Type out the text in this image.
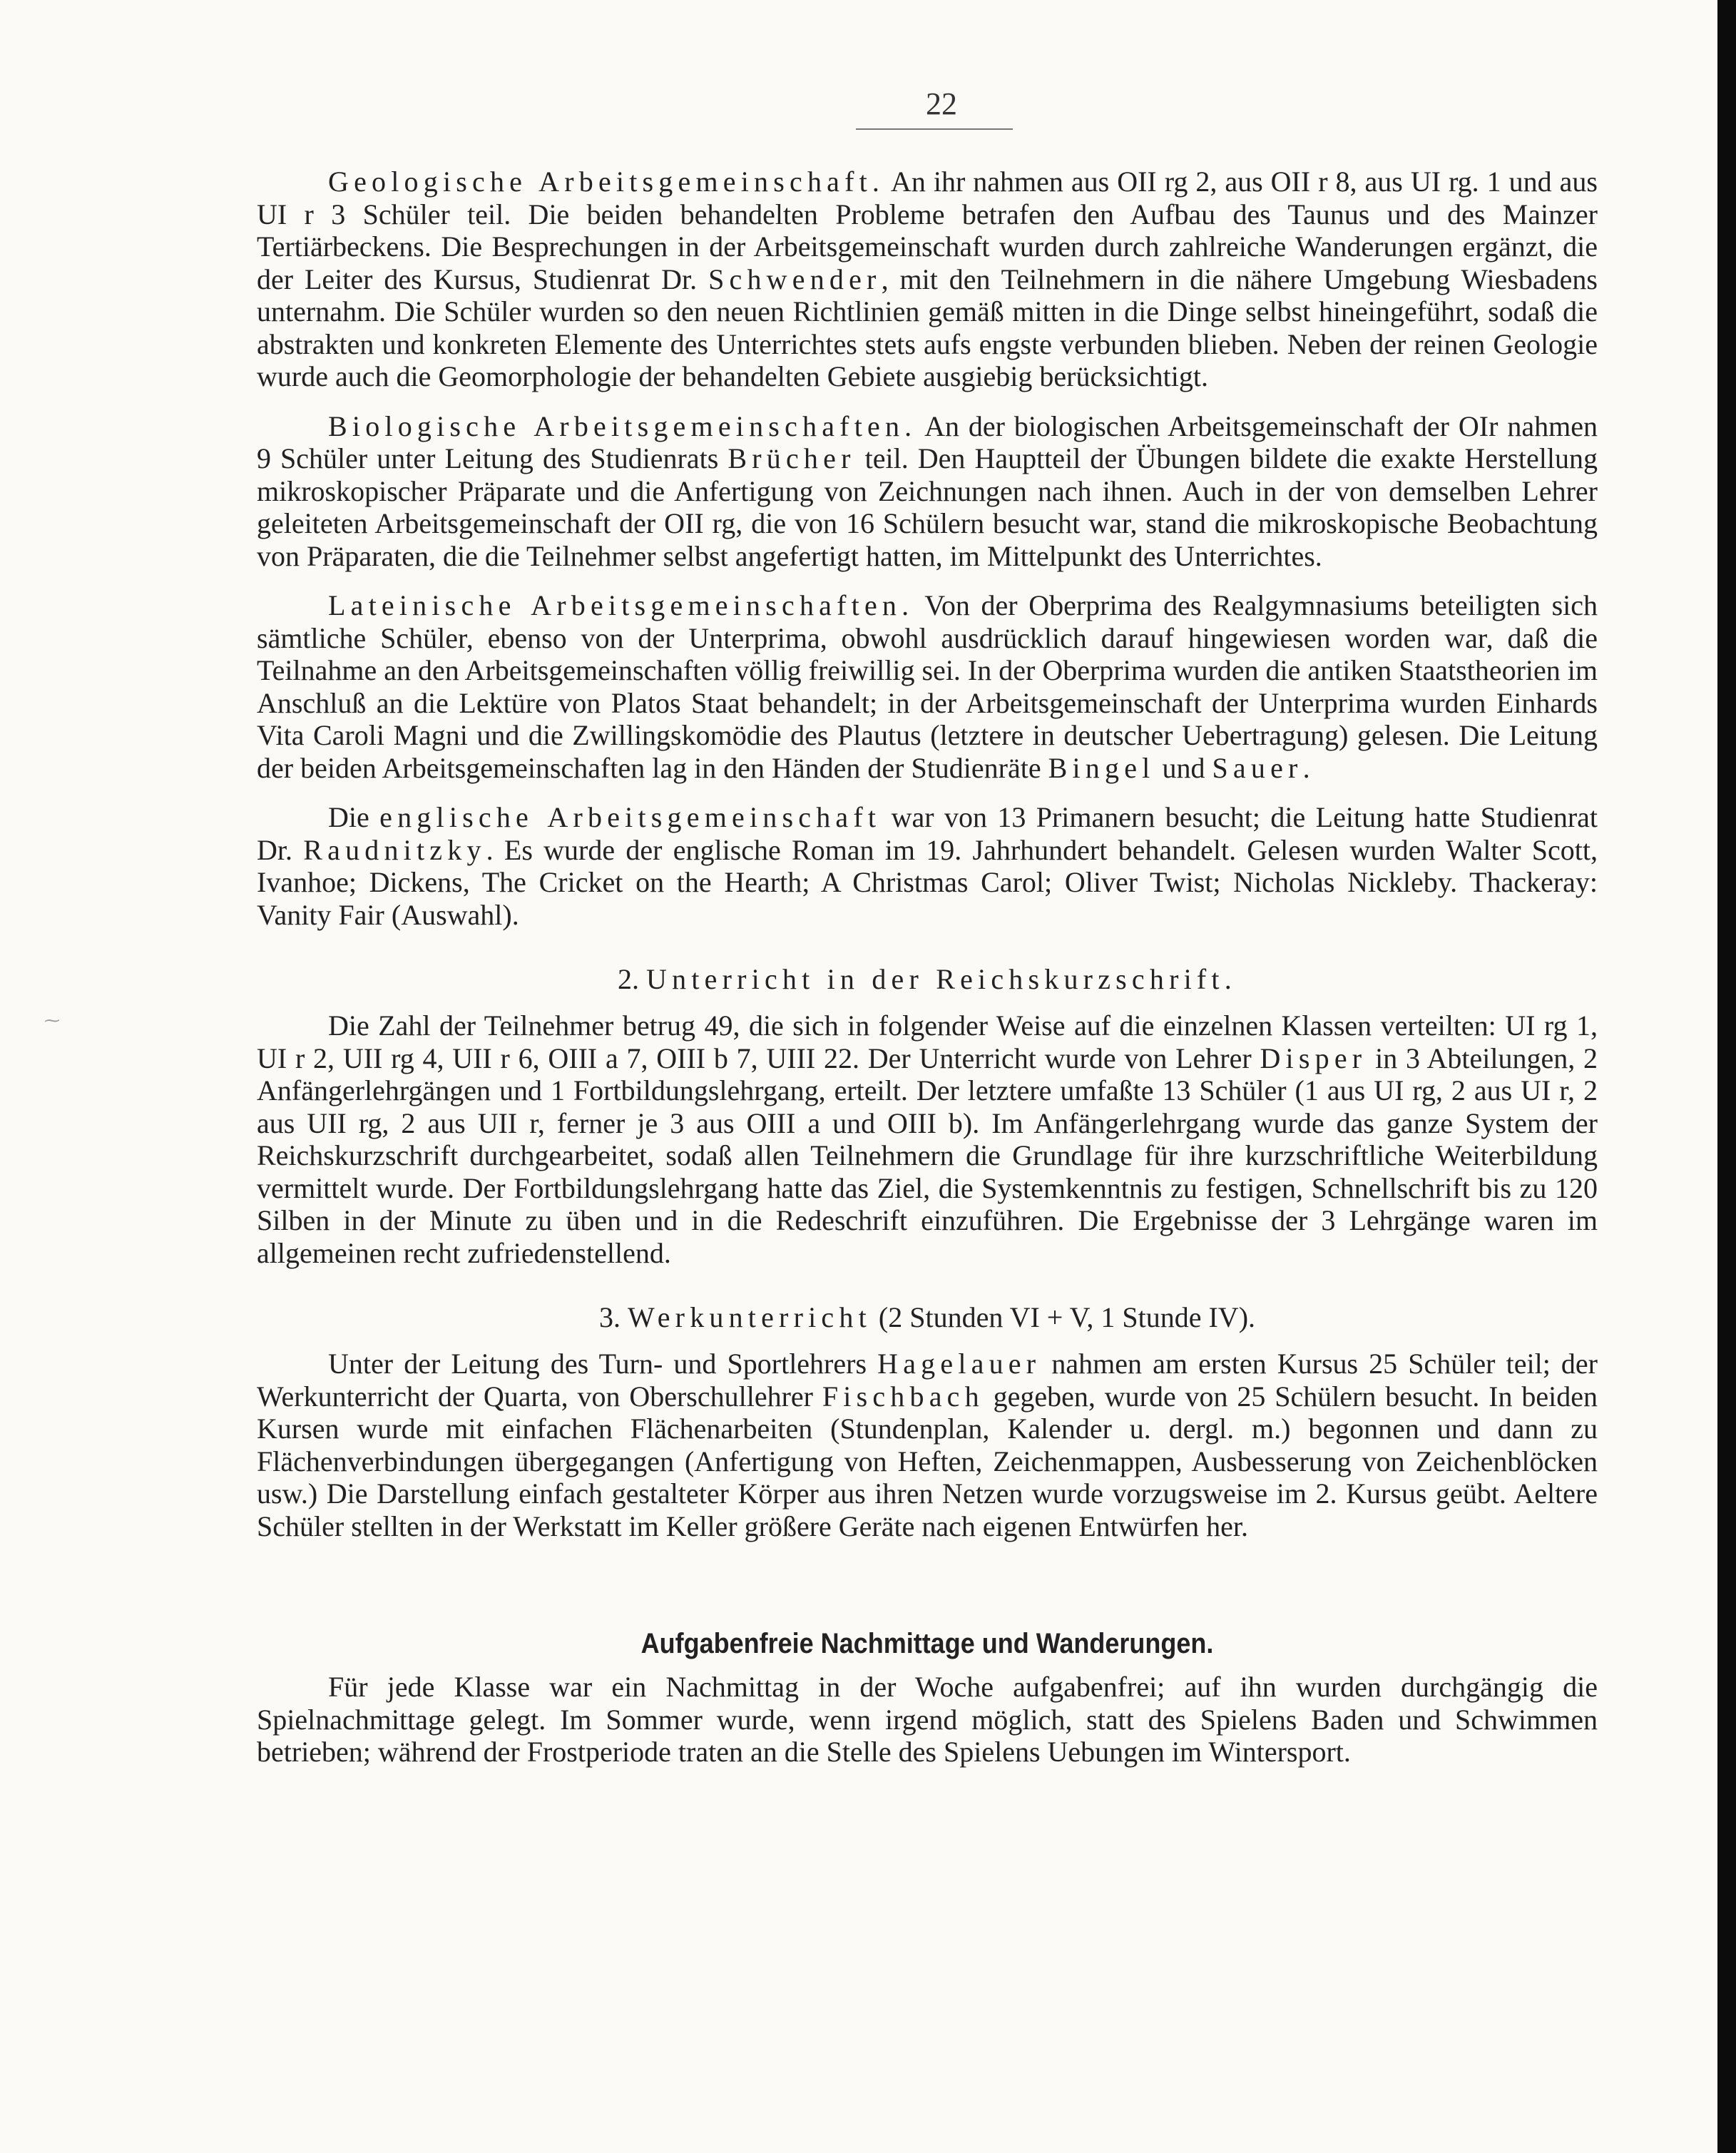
22
⁓

Geologische Arbeitsgemeinschaft. An ihr nahmen aus OII rg 2, aus OII r 8, aus UI rg. 1 und aus UI r 3 Schüler teil. Die beiden behandelten Probleme betrafen den Aufbau des Taunus und des Mainzer Tertiärbeckens. Die Besprechungen in der Arbeitsgemeinschaft wurden durch zahlreiche Wanderungen ergänzt, die der Leiter des Kursus, Studienrat Dr. Schwender, mit den Teilnehmern in die nähere Umgebung Wiesbadens unternahm. Die Schüler wurden so den neuen Richtlinien gemäß mitten in die Dinge selbst hineingeführt, sodaß die abstrakten und konkreten Elemente des Unterrichtes stets aufs engste verbunden blieben. Neben der reinen Geologie wurde auch die Geomorphologie der behandelten Gebiete ausgiebig berücksichtigt.

Biologische Arbeitsgemeinschaften. An der biologischen Arbeitsgemeinschaft der OIr nahmen 9 Schüler unter Leitung des Studienrats Brücher teil. Den Hauptteil der Übungen bildete die exakte Herstellung mikroskopischer Präparate und die Anfertigung von Zeichnungen nach ihnen. Auch in der von demselben Lehrer geleiteten Arbeitsgemeinschaft der OII rg, die von 16 Schülern besucht war, stand die mikroskopische Beobachtung von Präparaten, die die Teilnehmer selbst angefertigt hatten, im Mittelpunkt des Unterrichtes.

Lateinische Arbeitsgemeinschaften. Von der Oberprima des Realgymnasiums beteiligten sich sämtliche Schüler, ebenso von der Unterprima, obwohl ausdrücklich darauf hingewiesen worden war, daß die Teilnahme an den Arbeitsgemeinschaften völlig freiwillig sei. In der Oberprima wurden die antiken Staatstheorien im Anschluß an die Lektüre von Platos Staat behandelt; in der Arbeitsgemeinschaft der Unterprima wurden Einhards Vita Caroli Magni und die Zwillingskomödie des Plautus (letztere in deutscher Uebertragung) gelesen. Die Leitung der beiden Arbeitsgemeinschaften lag in den Händen der Studienräte Bingel und Sauer.

Die englische Arbeitsgemeinschaft war von 13 Primanern besucht; die Leitung hatte Studienrat Dr. Raudnitzky. Es wurde der englische Roman im 19. Jahrhundert behandelt. Gelesen wurden Walter Scott, Ivanhoe; Dickens, The Cricket on the Hearth; A Christmas Carol; Oliver Twist; Nicholas Nickleby. Thackeray: Vanity Fair (Auswahl).

2. Unterricht in der Reichskurzschrift.

Die Zahl der Teilnehmer betrug 49, die sich in folgender Weise auf die einzelnen Klassen verteilten: UI rg 1, UI r 2, UII rg 4, UII r 6, OIII a 7, OIII b 7, UIII 22. Der Unterricht wurde von Lehrer Disper in 3 Abteilungen, 2 Anfängerlehrgängen und 1 Fortbildungslehrgang, erteilt. Der letztere umfaßte 13 Schüler (1 aus UI rg, 2 aus UI r, 2 aus UII rg, 2 aus UII r, ferner je 3 aus OIII a und OIII b). Im Anfängerlehrgang wurde das ganze System der Reichskurzschrift durchgearbeitet, sodaß allen Teilnehmern die Grundlage für ihre kurzschriftliche Weiterbildung vermittelt wurde. Der Fortbildungslehrgang hatte das Ziel, die Systemkenntnis zu festigen, Schnellschrift bis zu 120 Silben in der Minute zu üben und in die Redeschrift einzuführen. Die Ergebnisse der 3 Lehrgänge waren im allgemeinen recht zufriedenstellend.

3. Werkunterricht (2 Stunden VI + V, 1 Stunde IV).

Unter der Leitung des Turn- und Sportlehrers Hagelauer nahmen am ersten Kursus 25 Schüler teil; der Werkunterricht der Quarta, von Oberschullehrer Fischbach gegeben, wurde von 25 Schülern besucht. In beiden Kursen wurde mit einfachen Flächenarbeiten (Stundenplan, Kalender u. dergl. m.) begonnen und dann zu Flächenverbindungen übergegangen (Anfertigung von Heften, Zeichenmappen, Ausbesserung von Zeichenblöcken usw.) Die Darstellung einfach gestalteter Körper aus ihren Netzen wurde vorzugsweise im 2. Kursus geübt. Aeltere Schüler stellten in der Werkstatt im Keller größere Geräte nach eigenen Entwürfen her.

Aufgabenfreie Nachmittage und Wanderungen.

Für jede Klasse war ein Nachmittag in der Woche aufgabenfrei; auf ihn wurden durchgängig die Spielnachmittage gelegt. Im Sommer wurde, wenn irgend möglich, statt des Spielens Baden und Schwimmen betrieben; während der Frostperiode traten an die Stelle des Spielens Uebungen im Wintersport.
